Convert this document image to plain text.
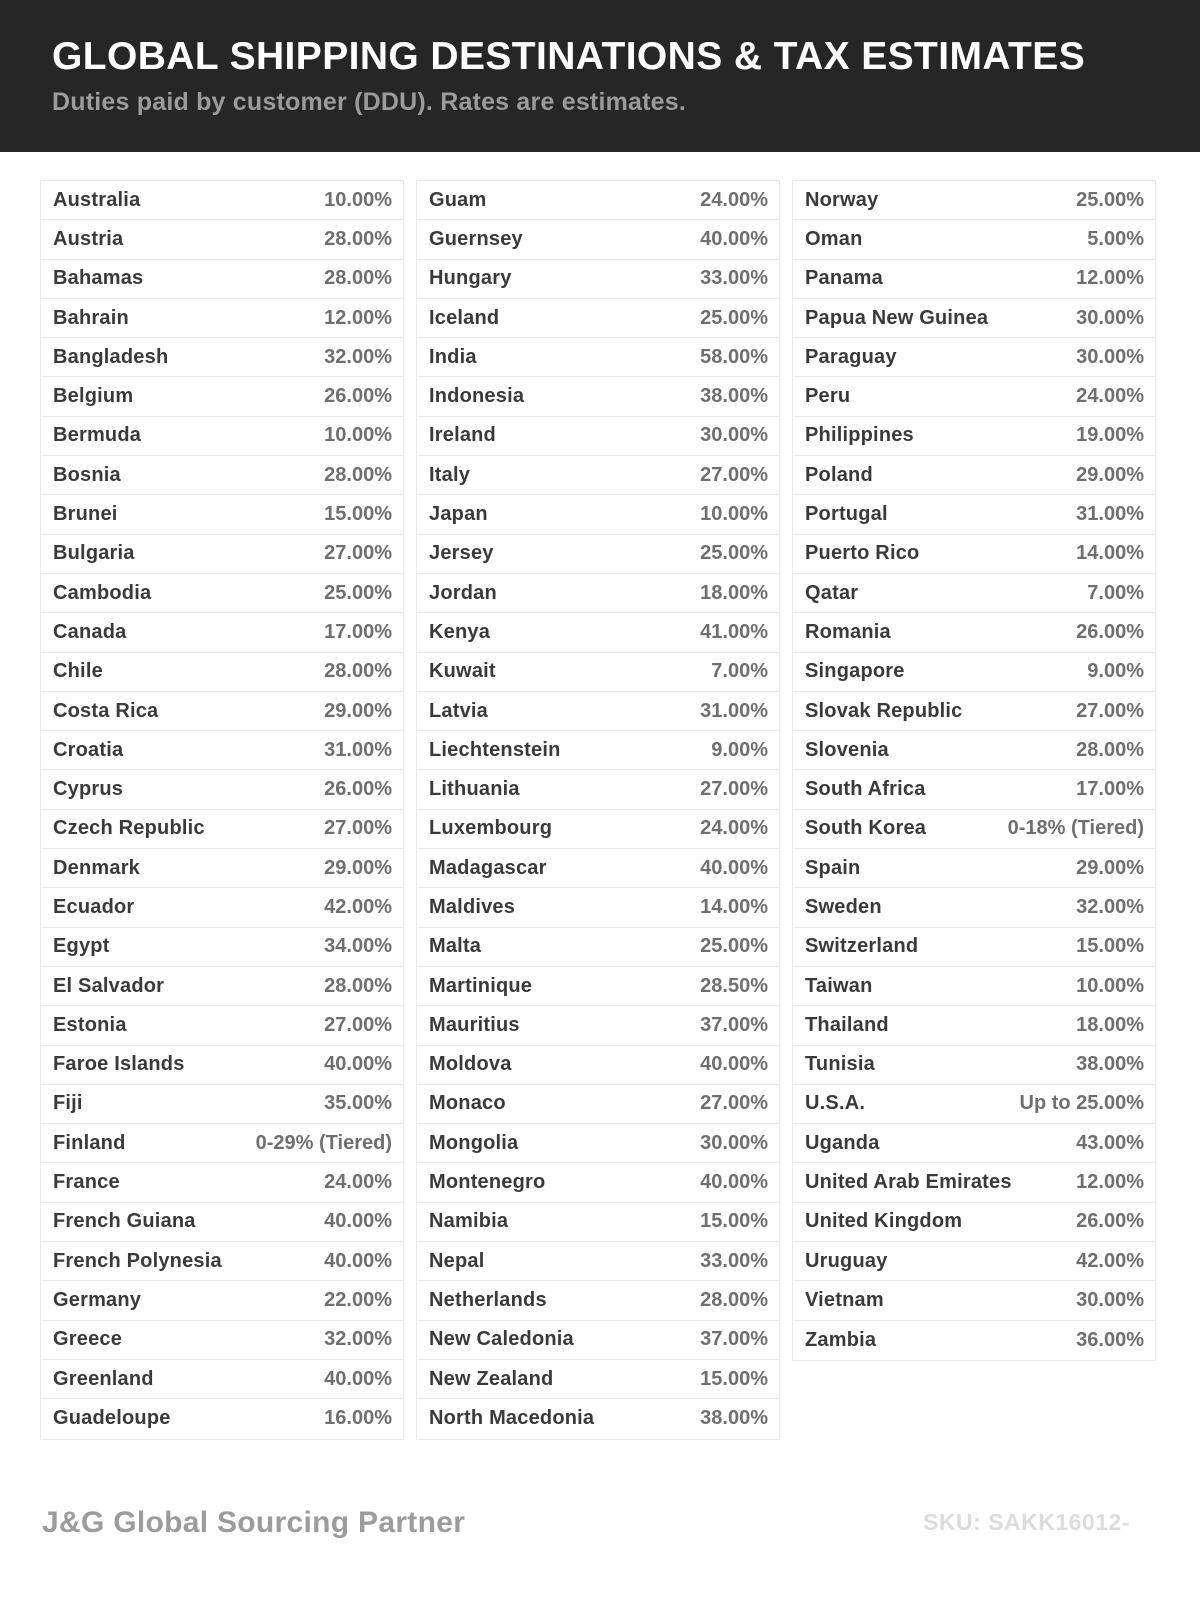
GLOBAL SHIPPING DESTINATIONS & TAX ESTIMATES
Duties paid by customer (DDU). Rates are estimates.
Australia	10.00%
Austria	28.00%
Bahamas	28.00%
Bahrain	12.00%
Bangladesh	32.00%
Belgium	26.00%
Bermuda	10.00%
Bosnia	28.00%
Brunei	15.00%
Bulgaria	27.00%
Cambodia	25.00%
Canada	17.00%
Chile	28.00%
Costa Rica	29.00%
Croatia	31.00%
Cyprus	26.00%
Czech Republic	27.00%
Denmark	29.00%
Ecuador	42.00%
Egypt	34.00%
El Salvador	28.00%
Estonia	27.00%
Faroe Islands	40.00%
Fiji	35.00%
Finland	0-29% (Tiered)
France	24.00%
French Guiana	40.00%
French Polynesia	40.00%
Germany	22.00%
Greece	32.00%
Greenland	40.00%
Guadeloupe	16.00%
Guam	24.00%
Guernsey	40.00%
Hungary	33.00%
Iceland	25.00%
India	58.00%
Indonesia	38.00%
Ireland	30.00%
Italy	27.00%
Japan	10.00%
Jersey	25.00%
Jordan	18.00%
Kenya	41.00%
Kuwait	7.00%
Latvia	31.00%
Liechtenstein	9.00%
Lithuania	27.00%
Luxembourg	24.00%
Madagascar	40.00%
Maldives	14.00%
Malta	25.00%
Martinique	28.50%
Mauritius	37.00%
Moldova	40.00%
Monaco	27.00%
Mongolia	30.00%
Montenegro	40.00%
Namibia	15.00%
Nepal	33.00%
Netherlands	28.00%
New Caledonia	37.00%
New Zealand	15.00%
North Macedonia	38.00%
Norway	25.00%
Oman	5.00%
Panama	12.00%
Papua New Guinea	30.00%
Paraguay	30.00%
Peru	24.00%
Philippines	19.00%
Poland	29.00%
Portugal	31.00%
Puerto Rico	14.00%
Qatar	7.00%
Romania	26.00%
Singapore	9.00%
Slovak Republic	27.00%
Slovenia	28.00%
South Africa	17.00%
South Korea	0-18% (Tiered)
Spain	29.00%
Sweden	32.00%
Switzerland	15.00%
Taiwan	10.00%
Thailand	18.00%
Tunisia	38.00%
U.S.A.	Up to 25.00%
Uganda	43.00%
United Arab Emirates	12.00%
United Kingdom	26.00%
Uruguay	42.00%
Vietnam	30.00%
Zambia	36.00%
J&G Global Sourcing Partner	SKU: SAKK16012-
